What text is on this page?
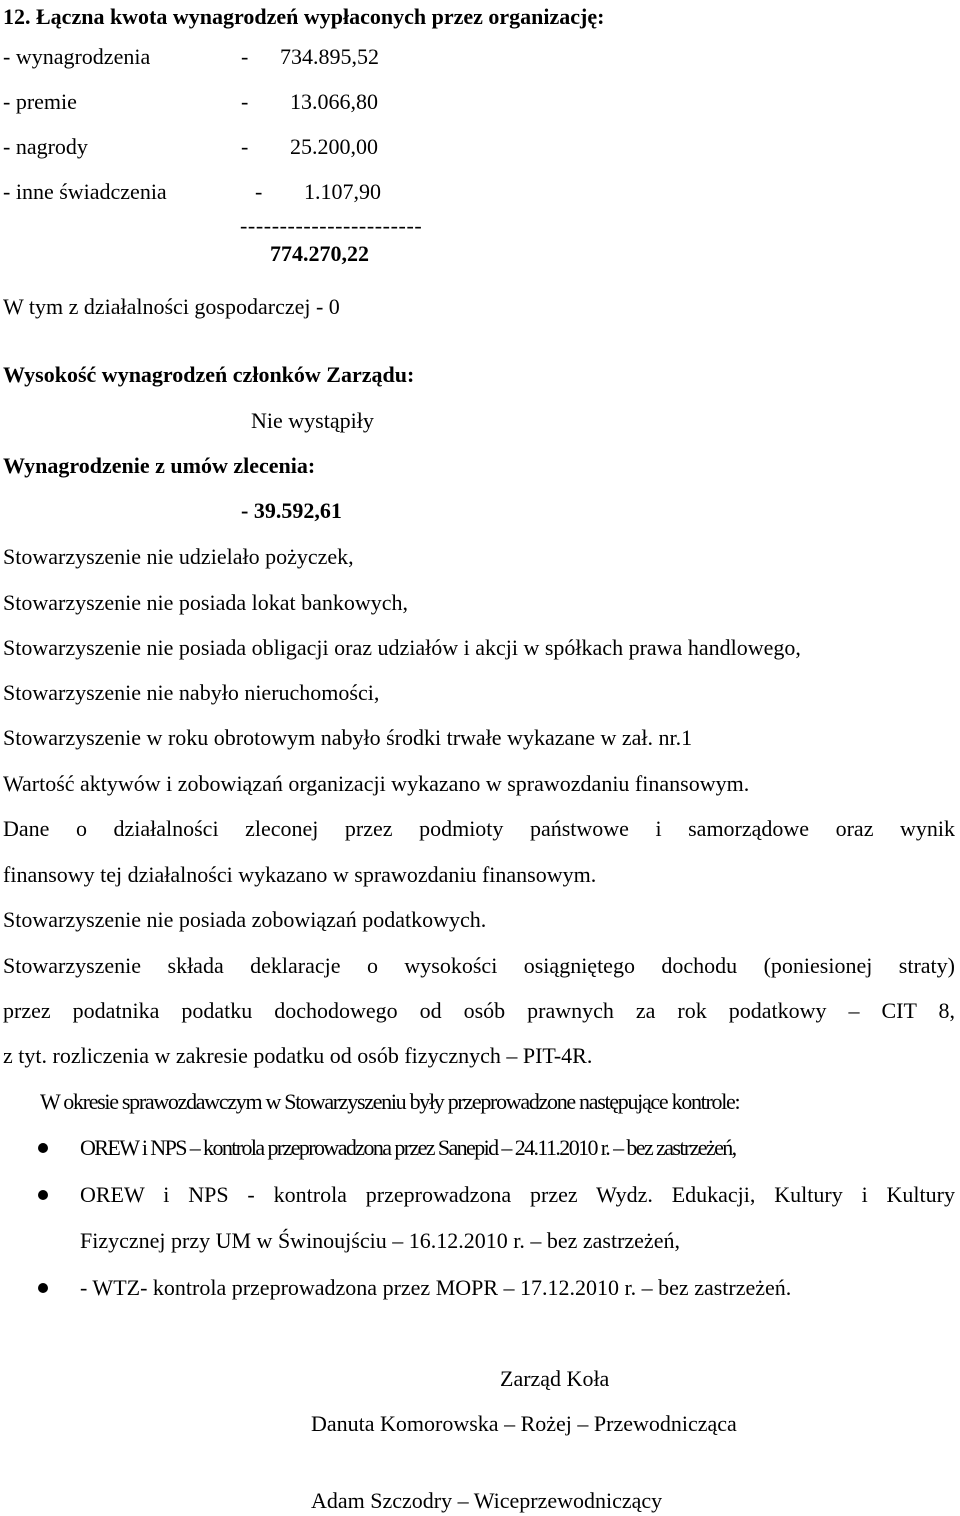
12. Łączna kwota wynagrodzeń wypłaconych przez organizację:
- wynagrodzenia	- 734.895,52
- premie	- 13.066,80
- nagrody	- 25.200,00
- inne świadczenia	- 1.107,90
-----------------------
774.270,22
W tym z działalności gospodarczej - 0
Wysokość wynagrodzeń członków Zarządu:
Nie wystąpiły
Wynagrodzenie z umów zlecenia:
- 39.592,61
Stowarzyszenie nie udzielało pożyczek,
Stowarzyszenie nie posiada lokat bankowych,
Stowarzyszenie nie posiada obligacji oraz udziałów i akcji w spółkach prawa handlowego,
Stowarzyszenie nie nabyło nieruchomości,
Stowarzyszenie w roku obrotowym nabyło środki trwałe wykazane w zał. nr.1
Wartość aktywów i zobowiązań organizacji wykazano w sprawozdaniu finansowym.
Dane o działalności zleconej przez podmioty państwowe i samorządowe oraz wynik
finansowy tej działalności wykazano w sprawozdaniu finansowym.
Stowarzyszenie nie posiada zobowiązań podatkowych.
Stowarzyszenie składa deklaracje o wysokości osiągniętego dochodu (poniesionej straty)
przez podatnika podatku dochodowego od osób prawnych za rok podatkowy – CIT 8,
z tyt. rozliczenia w zakresie podatku od osób fizycznych – PIT-4R.
W okresie sprawozdawczym w Stowarzyszeniu były przeprowadzone następujące kontrole:
OREW i NPS – kontrola przeprowadzona przez Sanepid – 24.11.2010 r. – bez zastrzeżeń,
OREW i NPS - kontrola przeprowadzona przez Wydz. Edukacji, Kultury i Kultury
Fizycznej przy UM w Świnoujściu – 16.12.2010 r. – bez zastrzeżeń,
- WTZ- kontrola przeprowadzona przez MOPR – 17.12.2010 r. – bez zastrzeżeń.
Zarząd Koła
Danuta Komorowska – Rożej – Przewodnicząca
Adam Szczodry – Wiceprzewodniczący
